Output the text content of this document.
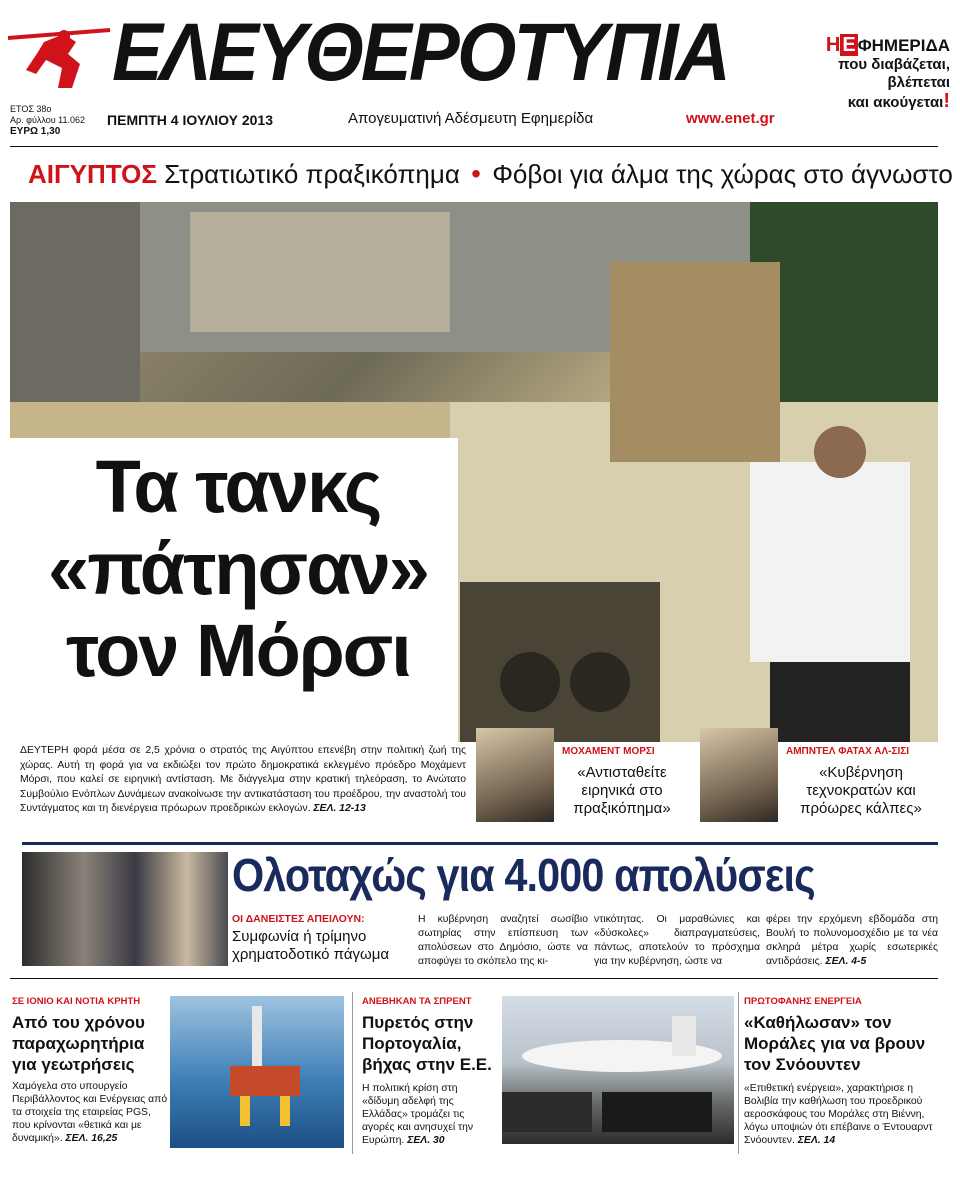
ΕΛΕΥΘΕΡΟΤΥΠΙΑ	Η Ε ΦΗΜΕΡΙΔΑ
που διαβάζεται,
βλέπεται
και ακούγεται!
ΕΤΟΣ 38ο
Αρ. φύλλου 11.062
ΕΥΡΩ 1,30
ΠΕΜΠΤΗ 4 ΙΟΥΛΙΟΥ 2013	Απογευματινή Αδέσμευτη Εφημερίδα	www.enet.gr
ΑΙΓΥΠΤΟΣ Στρατιωτικό πραξικόπημα • Φόβοι για άλμα της χώρας στο άγνωστο
Τα τανκς
«πάτησαν»
τον Μόρσι
ΔΕΥΤΕΡΗ φορά μέσα σε 2,5 χρόνια ο στρατός της Αιγύπτου επενέβη στην πολιτική ζωή της χώρας. Αυτή τη φορά για να εκδιώξει τον πρώτο δημοκρατικά εκλεγμένο πρόεδρο Μοχάμεντ Μόρσι, που καλεί σε ειρηνική αντίσταση. Με διάγγελμα στην κρατική τηλεόραση, το Ανώτατο Συμβούλιο Ενόπλων Δυνάμεων ανακοίνωσε την αντικατάσταση του προέδρου, την αναστολή του Συντάγματος και τη διενέργεια πρόωρων προεδρικών εκλογών. ΣΕΛ. 12-13
ΜΟΧΑΜΕΝΤ ΜΟΡΣΙ
«Αντισταθείτε ειρηνικά στο πραξικόπημα»
ΑΜΠΝΤΕΛ ΦΑΤΑΧ ΑΛ-ΣΙΣΙ
«Κυβέρνηση τεχνοκρατών και πρόωρες κάλπες»
Ολοταχώς για 4.000 απολύσεις
ΟΙ ΔΑΝΕΙΣΤΕΣ ΑΠΕΙΛΟΥΝ:
Συμφωνία ή τρίμηνο χρηματοδοτικό πάγωμα
Η κυβέρνηση αναζητεί σωσίβιο σωτηρίας στην επίσπευση των απολύσεων στο Δημόσιο, ώστε να αποφύγει το σκόπελο της κι-
ντικότητας. Οι μαραθώνιες και «δύσκολες» διαπραγματεύσεις, πάντως, αποτελούν το πρόσχημα για την κυβέρνηση, ώστε να
φέρει την ερχόμενη εβδομάδα στη Βουλή το πολυνομοσχέδιο με τα νέα σκληρά μέτρα χωρίς εσωτερικές αντιδράσεις. ΣΕΛ. 4-5
ΣΕ ΙΟΝΙΟ ΚΑΙ ΝΟΤΙΑ ΚΡΗΤΗ
Από του χρόνου παραχωρητήρια για γεωτρήσεις
Χαμόγελα στο υπουργείο Περιβάλλοντος και Ενέργειας από τα στοιχεία της εταιρείας PGS, που κρίνονται «θετικά και με δυναμική». ΣΕΛ. 16,25
ΑΝΕΒΗΚΑΝ ΤΑ ΣΠΡΕΝΤ
Πυρετός στην Πορτογαλία, βήχας στην Ε.Ε.
Η πολιτική κρίση στη «δίδυμη αδελφή της Ελλάδας» τρομάζει τις αγορές και ανησυχεί την Ευρώπη. ΣΕΛ. 30
ΠΡΩΤΟΦΑΝΗΣ ΕΝΕΡΓΕΙΑ
«Καθήλωσαν» τον Μοράλες για να βρουν τον Σνόουντεν
«Επιθετική ενέργεια», χαρακτήρισε η Βολιβία την καθήλωση του προεδρικού αεροσκάφους του Μοράλες στη Βιέννη, λόγω υποψιών ότι επέβαινε ο Έντουαρντ Σνόουντεν. ΣΕΛ. 14
